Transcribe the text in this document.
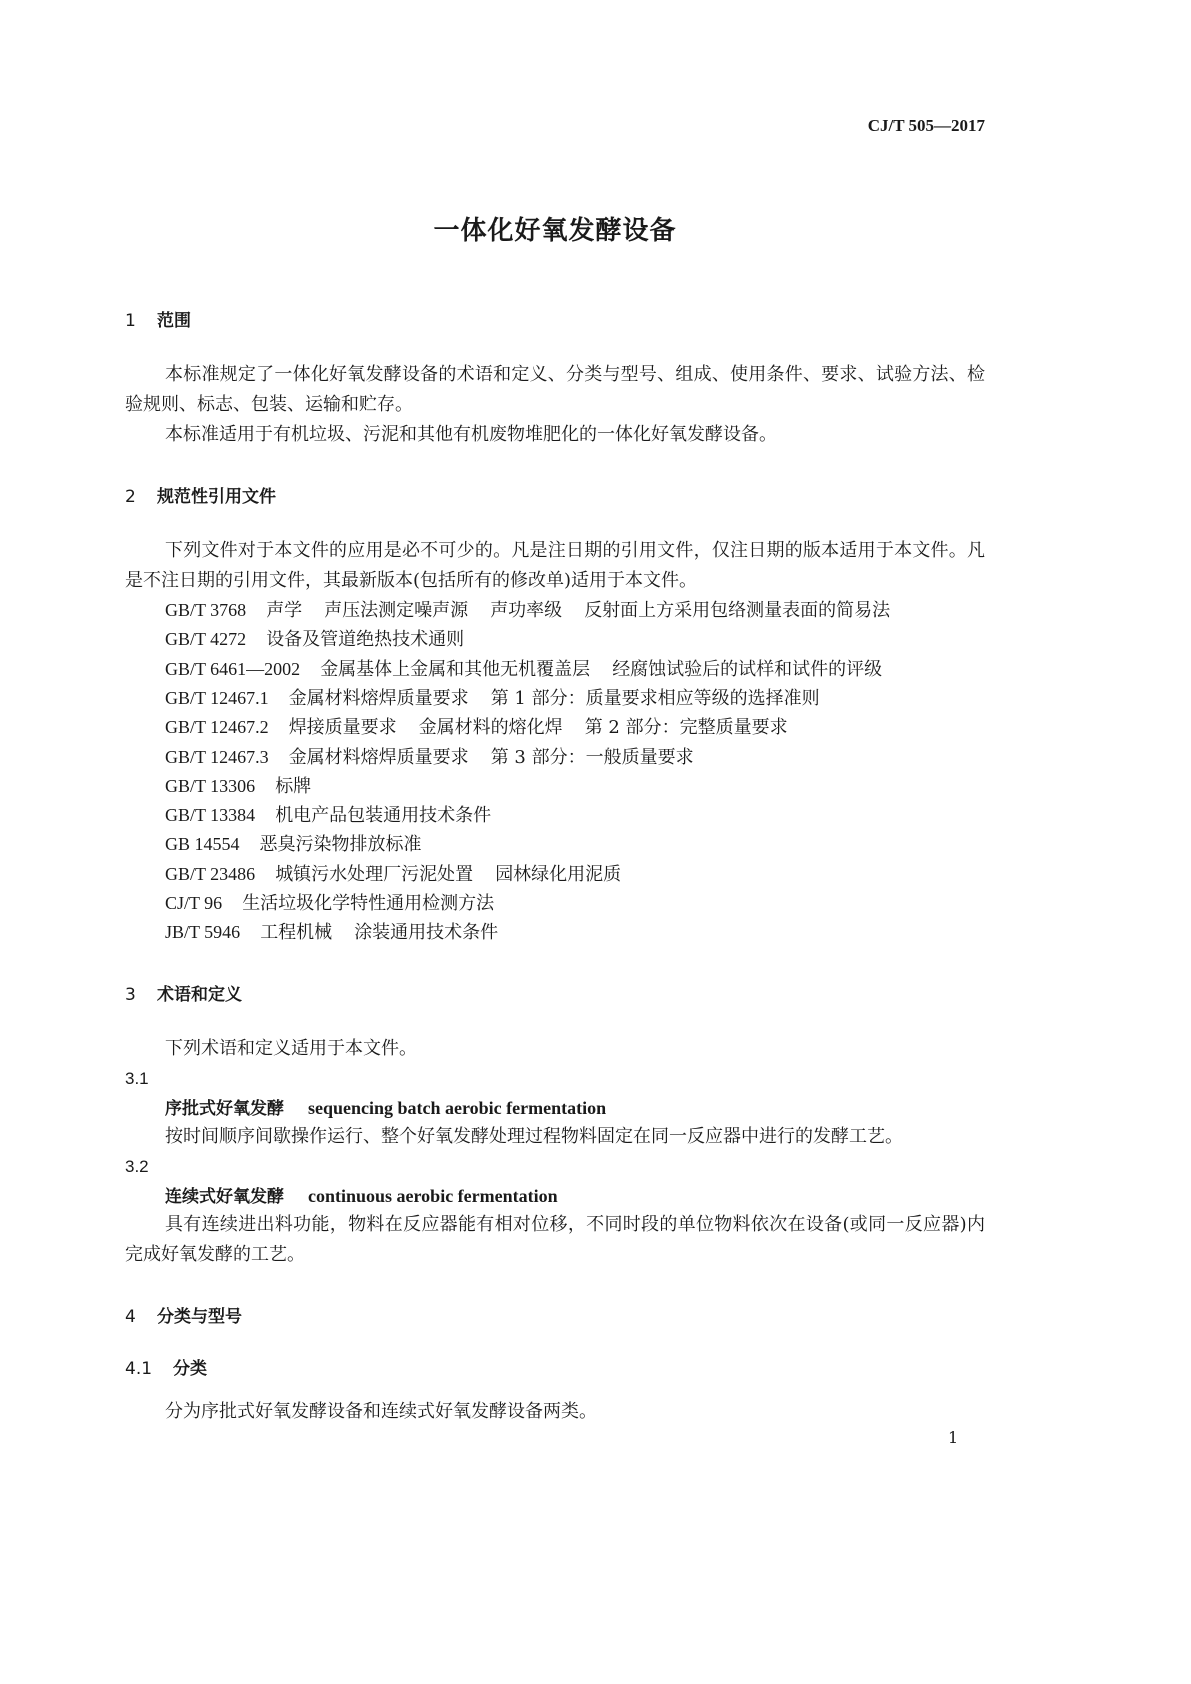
CJ/T 505—2017
一体化好氧发酵设备
1 范围
本标准规定了一体化好氧发酵设备的术语和定义、分类与型号、组成、使用条件、要求、试验方法、检验规则、标志、包装、运输和贮存。
本标准适用于有机垃圾、污泥和其他有机废物堆肥化的一体化好氧发酵设备。
2 规范性引用文件
下列文件对于本文件的应用是必不可少的。凡是注日期的引用文件，仅注日期的版本适用于本文件。凡是不注日期的引用文件，其最新版本(包括所有的修改单)适用于本文件。
GB/T 3768 声学 声压法测定噪声源 声功率级 反射面上方采用包络测量表面的简易法
GB/T 4272 设备及管道绝热技术通则
GB/T 6461—2002 金属基体上金属和其他无机覆盖层 经腐蚀试验后的试样和试件的评级
GB/T 12467.1 金属材料熔焊质量要求 第 1 部分：质量要求相应等级的选择准则
GB/T 12467.2 焊接质量要求 金属材料的熔化焊 第 2 部分：完整质量要求
GB/T 12467.3 金属材料熔焊质量要求 第 3 部分：一般质量要求
GB/T 13306 标牌
GB/T 13384 机电产品包装通用技术条件
GB 14554 恶臭污染物排放标准
GB/T 23486 城镇污水处理厂污泥处置 园林绿化用泥质
CJ/T 96 生活垃圾化学特性通用检测方法
JB/T 5946 工程机械 涂装通用技术条件
3 术语和定义
下列术语和定义适用于本文件。
3.1
序批式好氧发酵 sequencing batch aerobic fermentation
按时间顺序间歇操作运行、整个好氧发酵处理过程物料固定在同一反应器中进行的发酵工艺。
3.2
连续式好氧发酵 continuous aerobic fermentation
具有连续进出料功能，物料在反应器能有相对位移，不同时段的单位物料依次在设备(或同一反应器)内完成好氧发酵的工艺。
4 分类与型号
4.1 分类
分为序批式好氧发酵设备和连续式好氧发酵设备两类。
1
